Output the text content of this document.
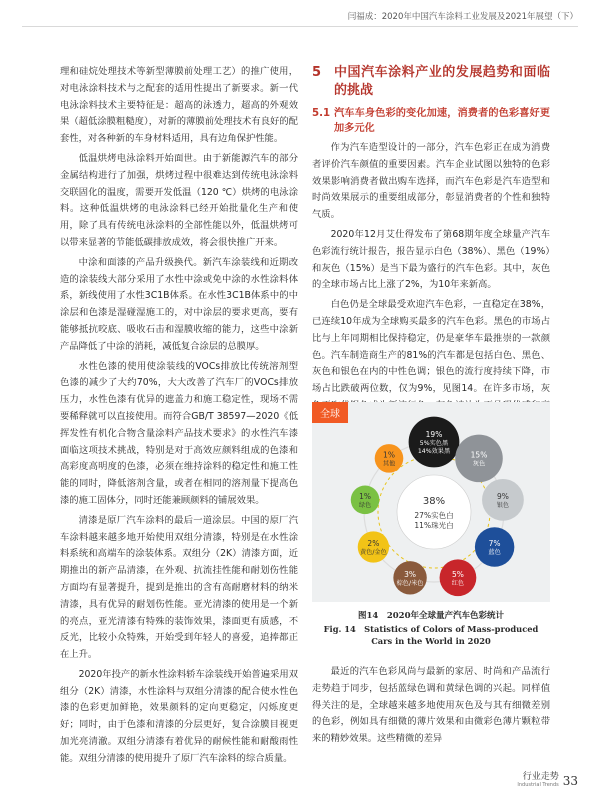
闫福成：2020年中国汽车涂料工业发展及2021年展望（下）

理和硅烷处理技术等新型薄膜前处理工艺）的推广使用，对电泳涂料技术与之配套的适用性提出了新要求。新一代电泳涂料技术主要特征是：超高的泳透力，超高的外观效果（超低涂膜粗糙度），对新的薄膜前处理技术有良好的配套性，对各种新的车身材料适用，具有边角保护性能。

低温烘烤电泳涂料开始面世。由于新能源汽车的部分金属结构进行了加强，烘烤过程中很难达到传统电泳涂料交联固化的温度，需要开发低温（120 ℃）烘烤的电泳涂料。这种低温烘烤的电泳涂料已经开始批量化生产和使用，除了具有传统电泳涂料的全部性能以外，低温烘烤可以带来显著的节能低碳排放成效，将会很快推广开来。

中涂和面漆的产品升级换代。新汽车涂装线和近期改造的涂装线大部分采用了水性中涂或免中涂的水性涂料体系，新线使用了水性3C1B体系。在水性3C1B体系中的中涂层和色漆是湿碰湿施工的，对中涂层的要求更高，要有能够抵抗咬底、吸收石击和湿膜收缩的能力，这些中涂新产品降低了中涂的消耗，减低复合涂层的总膜厚。

水性色漆的使用使涂装线的VOCs排放比传统溶剂型色漆的减少了大约70%，大大改善了汽车厂的VOCs排放压力，水性色漆有优异的遮盖力和施工稳定性，现场不需要稀释就可以直接使用。而符合GB/T 38597—2020《低挥发性有机化合物含量涂料产品技术要求》的水性汽车漆面临这项技术挑战，特别是对于高效应颜料组成的色漆和高彩度高明度的色漆，必须在维持涂料的稳定性和施工性能的同时，降低溶剂含量，或者在相同的溶剂量下提高色漆的施工固体分，同时还能兼顾颜料的铺展效果。

清漆是原厂汽车涂料的最后一道涂层。中国的原厂汽车涂料越来越多地开始使用双组分清漆，特别是在水性涂料系统和高端车的涂装体系。双组分（2K）清漆方面，近期推出的新产品清漆，在外观、抗流挂性能和耐划伤性能方面均有显著提升，提到是推出的含有高耐磨材料的纳米清漆，具有优异的耐划伤性能。亚光清漆的使用是一个新的亮点，亚光清漆有特殊的装饰效果，漆面更有质感，不反光，比较小众特殊，开始受到年轻人的喜爱，追捧都正在上升。

2020年投产的新水性涂料轿车涂装线开始普遍采用双组分（2K）清漆，水性涂料与双组分清漆的配合使水性色漆的色彩更加鲜艳，效果颜料的定向更稳定，闪烁度更好；同时，由于色漆和清漆的分层更好，复合涂膜目视更加光亮清澈。双组分清漆有着优异的耐候性能和耐酸雨性能。双组分清漆的使用提升了原厂汽车涂料的综合质量。

5 中国汽车涂料产业的发展趋势和面临的挑战
5.1 汽车车身色彩的变化加速，消费者的色彩喜好更加多元化

作为汽车造型设计的一部分，汽车色彩正在成为消费者评价汽车颜值的重要因素。汽车企业试图以独特的色彩效果影响消费者做出购车选择，而汽车色彩是汽车造型和时尚效果展示的重要组成部分，彰显消费者的个性和独特气质。

2020年12月艾仕得发布了第68期年度全球量产汽车色彩流行统计报告，报告显示白色（38%）、黑色（19%）和灰色（15%）是当下最为盛行的汽车色彩。其中，灰色的全球市场占比上涨了2%，为10年来新高。

白色仍是全球最受欢迎汽车色彩，一直稳定在38%，已连续10年成为全球购买最多的汽车色彩。黑色的市场占比与上年同期相比保持稳定，仍是豪华车最推崇的一款颜色。汽车制造商生产的81%的汽车都是包括白色、黑色、灰色和银色在内的中性色调；银色的流行度持续下降，市场占比跌破两位数，仅为9%，见图14。在许多市场，灰

全球
38%
27%实色白
11%珠光白
19%
5%实色黑
14%效果黑	15%
灰色
9%
银色
7%
蓝色
5%
红色
3%
棕色/米色
2%
黄色/金色
1%
绿色
1%
其他
图14　2020年全球量产汽车色彩统计
Fig. 14　Statistics of Colors of Mass-produced Cars in the World in 2020

最近的汽车色彩风尚与最新的家居、时尚和产品流行走势趋于同步，包括蓝绿色调和黄绿色调的兴起。同样值得关注的是，全球越来越多地使用灰色及与其有细微差别的色彩，例如具有细微的薄片效果和由微彩色薄片颗粒带来的精妙效果。这些精微的差异

行业走势
Industrial Trends 33
